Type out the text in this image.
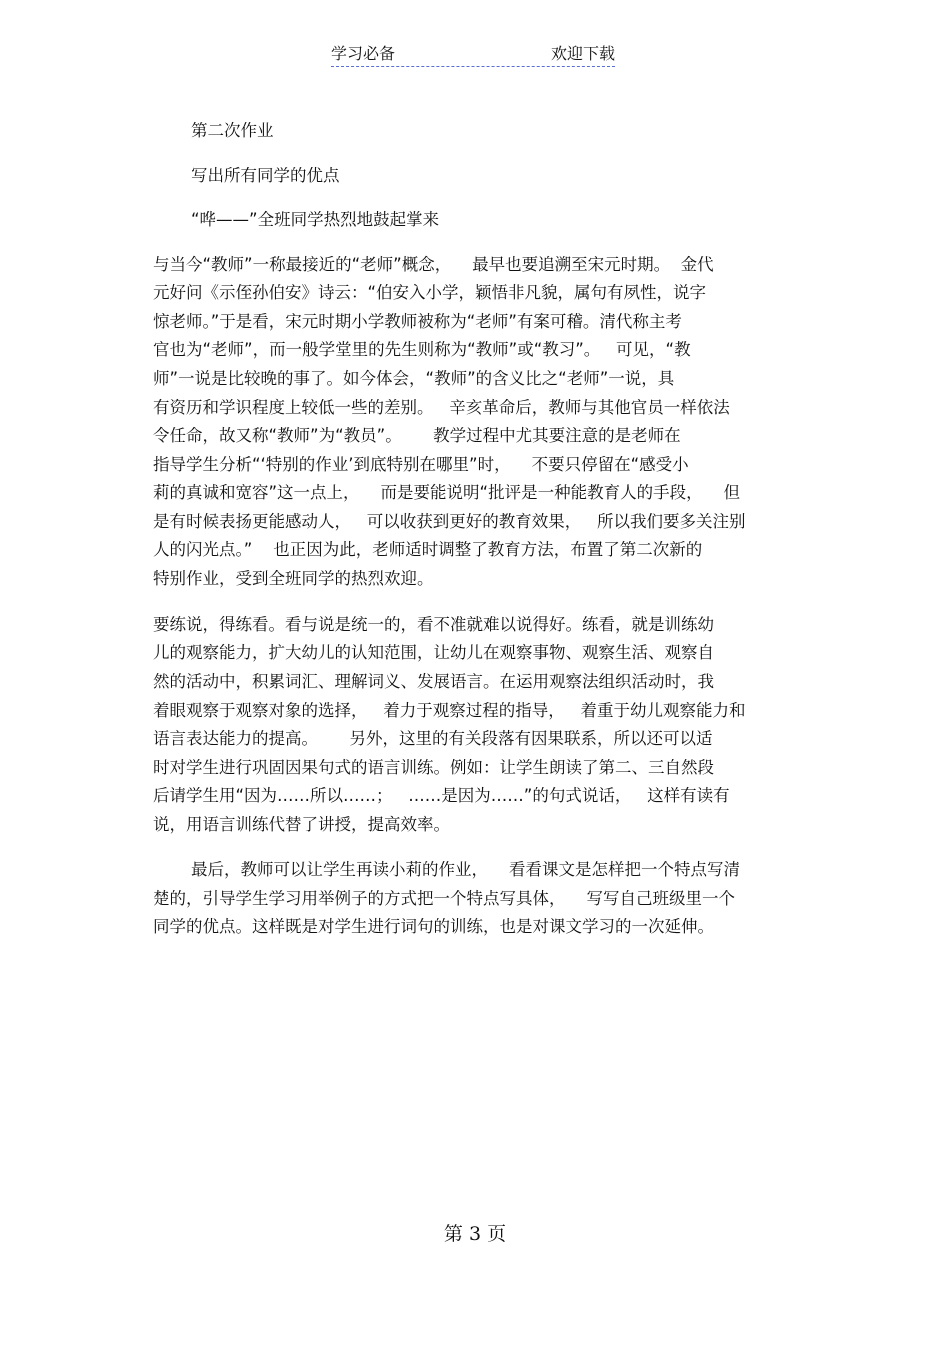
学习必备	欢迎下载
第二次作业
写出所有同学的优点
“哗——”全班同学热烈地鼓起掌来
与当今“教师”一称最接近的“老师”概念，    最早也要追溯至宋元时期。  金代
元好问《示侄孙伯安》诗云：“伯安入小学，颖悟非凡貌，属句有夙性，说字
惊老师。”于是看，宋元时期小学教师被称为“老师”有案可稽。清代称主考
官也为“老师”，而一般学堂里的先生则称为“教师”或“教习”。   可见，“教
师”一说是比较晚的事了。如今体会，“教师”的含义比之“老师”一说，具
有资历和学识程度上较低一些的差别。   辛亥革命后，教师与其他官员一样依法
令任命，故又称“教师”为“教员”。      教学过程中尤其要注意的是老师在
指导学生分析“‘特别的作业’到底特别在哪里”时，    不要只停留在“感受小
莉的真诚和宽容”这一点上，    而是要能说明“批评是一种能教育人的手段，    但
是有时候表扬更能感动人，   可以收获到更好的教育效果，   所以我们要多关注别
人的闪光点。”    也正因为此，老师适时调整了教育方法，布置了第二次新的
特别作业，受到全班同学的热烈欢迎。
要练说，得练看。看与说是统一的，看不准就难以说得好。练看，就是训练幼
儿的观察能力，扩大幼儿的认知范围，让幼儿在观察事物、观察生活、观察自
然的活动中，积累词汇、理解词义、发展语言。在运用观察法组织活动时，我
着眼观察于观察对象的选择，   着力于观察过程的指导，   着重于幼儿观察能力和
语言表达能力的提高。      另外，这里的有关段落有因果联系，所以还可以适
时对学生进行巩固因果句式的语言训练。例如：让学生朗读了第二、三自然段
后请学生用“因为……所以……；   ……是因为……”的句式说话，   这样有读有
说，用语言训练代替了讲授，提高效率。
最后，教师可以让学生再读小莉的作业，    看看课文是怎样把一个特点写清
楚的，引导学生学习用举例子的方式把一个特点写具体，    写写自己班级里一个
同学的优点。这样既是对学生进行词句的训练，也是对课文学习的一次延伸。
第 3 页
